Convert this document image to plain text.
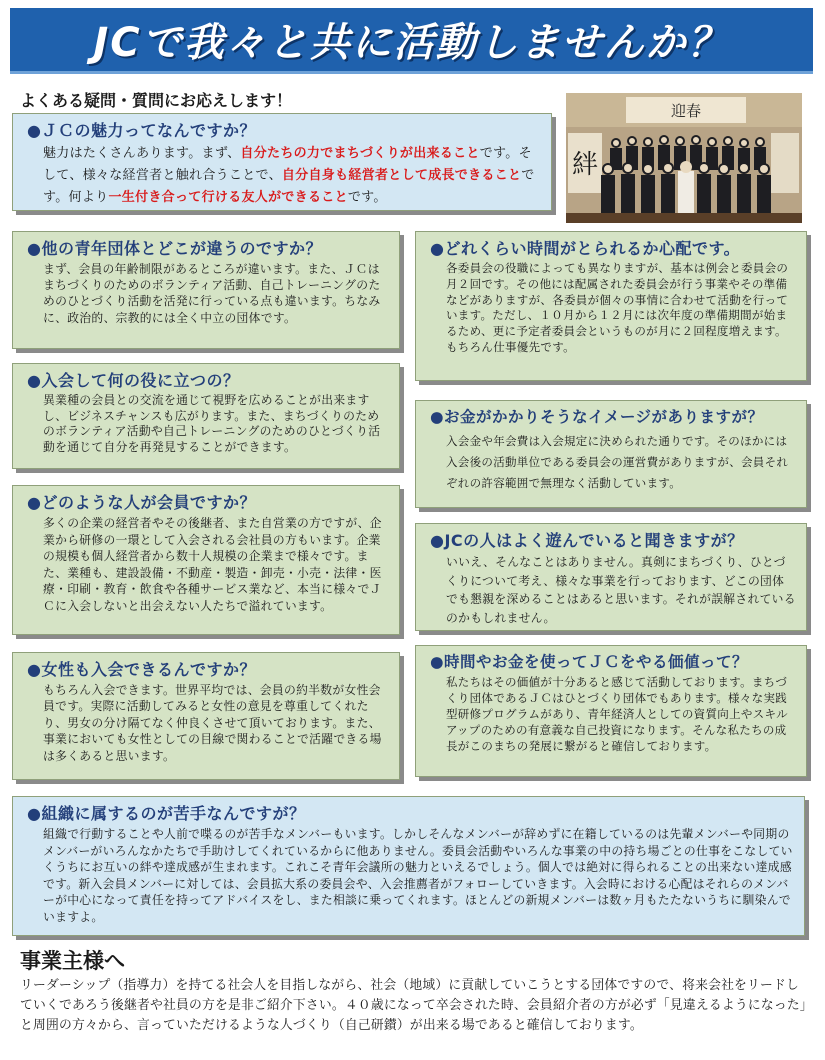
JCで我々と共に活動しませんか？
よくある疑問・質問にお応えします！
●ＪＣの魅力ってなんですか？

魅力はたくさんあります。まず、自分たちの力でまちづくりが出来ることです。そして、様々な経営者と触れ合うことで、自分自身も経営者として成長できることです。何より一生付き合って行ける友人ができることです。

迎春
絆
●他の青年団体とどこが違うのですか？

まず、会員の年齢制限があるところが違います。また、ＪＣはまちづくりのためのボランティア活動、自己トレーニングのためのひとづくり活動を活発に行っている点も違います。ちなみに、政治的、宗教的には全く中立の団体です。

●どれくらい時間がとられるか心配です。

各委員会の役職によっても異なりますが、基本は例会と委員会の月２回です。その他には配属された委員会が行う事業やその準備などがありますが、各委員が個々の事情に合わせて活動を行っています。ただし、１０月から１２月には次年度の準備期間が始まるため、更に予定者委員会というものが月に２回程度増えます。もちろん仕事優先です。

●入会して何の役に立つの？

異業種の会員との交流を通じて視野を広めることが出来ますし、ビジネスチャンスも広がります。また、まちづくりのためのボランティア活動や自己トレーニングのためのひとづくり活動を通じて自分を再発見することができます。

●お金がかかりそうなイメージがありますが？

入会金や年会費は入会規定に決められた通りです。そのほかには入会後の活動単位である委員会の運営費がありますが、会員それぞれの許容範囲で無理なく活動しています。

●どのような人が会員ですか？

多くの企業の経営者やその後継者、また自営業の方ですが、企業から研修の一環として入会される会社員の方もいます。企業の規模も個人経営者から数十人規模の企業まで様々です。また、業種も、建設設備・不動産・製造・卸売・小売・法律・医療・印刷・教育・飲食や各種サービス業など、本当に様々でＪＣに入会しないと出会えない人たちで溢れています。

●JCの人はよく遊んでいると聞きますが？

いいえ、そんなことはありません。真剣にまちづくり、ひとづくりについて考え、様々な事業を行っております、どこの団体でも懇親を深めることはあると思います。それが誤解されているのかもしれません。

●女性も入会できるんですか？

もちろん入会できます。世界平均では、会員の約半数が女性会員です。実際に活動してみると女性の意見を尊重してくれたり、男女の分け隔てなく仲良くさせて頂いております。また、事業においても女性としての目線で関わることで活躍できる場は多くあると思います。

●時間やお金を使ってＪＣをやる価値って？

私たちはその価値が十分あると感じて活動しております。まちづくり団体であるＪＣはひとづくり団体でもあります。様々な実践型研修プログラムがあり、青年経済人としての資質向上やスキルアップのための有意義な自己投資になります。そんな私たちの成長がこのまちの発展に繋がると確信しております。

●組織に属するのが苦手なんですが？

組織で行動することや人前で喋るのが苦手なメンバーもいます。しかしそんなメンバーが辞めずに在籍しているのは先輩メンバーや同期のメンバーがいろんなかたちで手助けしてくれているからに他ありません。委員会活動やいろんな事業の中の持ち場ごとの仕事をこなしていくうちにお互いの絆や達成感が生まれます。これこそ青年会議所の魅力といえるでしょう。個人では絶対に得られることの出来ない達成感です。新入会員メンバーに対しては、会員拡大系の委員会や、入会推薦者がフォローしていきます。入会時における心配はそれらのメンバーが中心になって責任を持ってアドバイスをし、また相談に乗ってくれます。ほとんどの新規メンバーは数ヶ月もたたないうちに馴染んでいますよ。

事業主様へ

リーダーシップ（指導力）を持てる社会人を目指しながら、社会（地域）に貢献していこうとする団体ですので、将来会社をリードしていくであろう後継者や社員の方を是非ご紹介下さい。４０歳になって卒会された時、会員紹介者の方が必ず「見違えるようになった」と周囲の方々から、言っていただけるような人づくり（自己研鑚）が出来る場であると確信しております。
